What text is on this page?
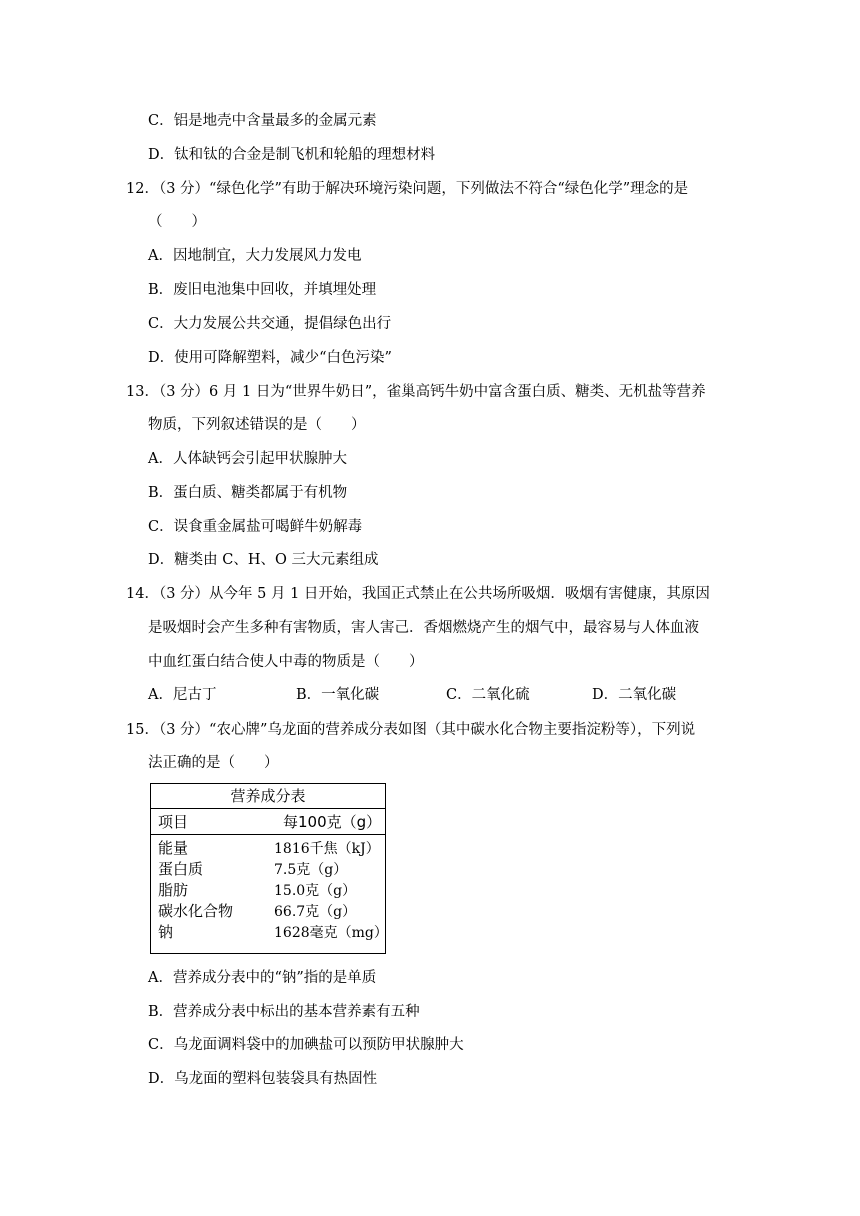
C．铝是地壳中含量最多的金属元素
D．钛和钛的合金是制飞机和轮船的理想材料
12．（3 分）“绿色化学”有助于解决环境污染问题，下列做法不符合“绿色化学”理念的是
（　　）
A．因地制宜，大力发展风力发电
B．废旧电池集中回收，并填埋处理
C．大力发展公共交通，提倡绿色出行
D．使用可降解塑料，减少“白色污染”
13．（3 分）6 月 1 日为“世界牛奶日”，雀巢高钙牛奶中富含蛋白质、糖类、无机盐等营养
物质，下列叙述错误的是（　　）
A．人体缺钙会引起甲状腺肿大
B．蛋白质、糖类都属于有机物
C．误食重金属盐可喝鲜牛奶解毒
D．糖类由 C、H、O 三大元素组成
14．（3 分）从今年 5 月 1 日开始，我国正式禁止在公共场所吸烟．吸烟有害健康，其原因
是吸烟时会产生多种有害物质，害人害己．香烟燃烧产生的烟气中，最容易与人体血液
中血红蛋白结合使人中毒的物质是（　　）
A．尼古丁	B．一氧化碳	C．二氧化硫	D．二氧化碳
15．（3 分）“农心牌”乌龙面的营养成分表如图（其中碳水化合物主要指淀粉等），下列说
法正确的是（　　）
营养成分表
项目	每100克（g）
能量	1816千焦（kJ）
蛋白质	7.5克（g）
脂肪	15.0克（g）
碳水化合物	66.7克（g）
钠	1628毫克（mg）
A．营养成分表中的“钠”指的是单质
B．营养成分表中标出的基本营养素有五种
C．乌龙面调料袋中的加碘盐可以预防甲状腺肿大
D．乌龙面的塑料包装袋具有热固性
